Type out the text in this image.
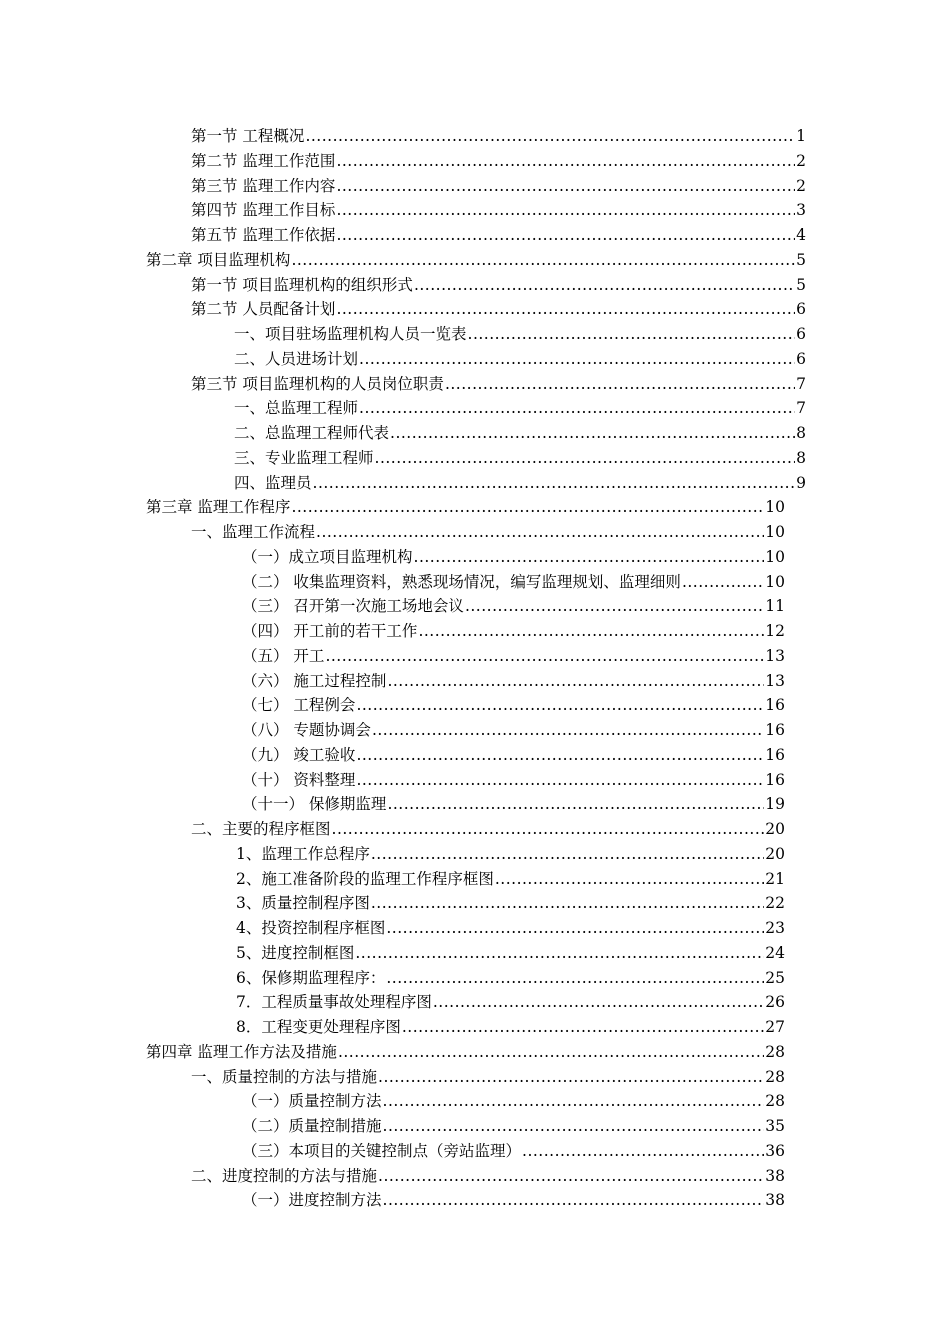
第一节 工程概况 .....	1
第二节 监理工作范围 .....	2
第三节 监理工作内容 .....	2
第四节 监理工作目标 .....	3
第五节 监理工作依据 .....	4
第二章 项目监理机构 .....	5
第一节 项目监理机构的组织形式 .....	5
第二节 人员配备计划 .....	6
一、项目驻场监理机构人员一览表 .....	6
二、人员进场计划 .....	6
第三节 项目监理机构的人员岗位职责 .....	7
一、总监理工程师 .....	7
二、总监理工程师代表 .....	8
三、专业监理工程师 .....	8
四、监理员 .....	9
第三章 监理工作程序 .....	10
一、监理工作流程 .....	10
（一）成立项目监理机构 .....	10
（二） 收集监理资料，熟悉现场情况，编写监理规划、监理细则 .....	10
（三） 召开第一次施工场地会议 .....	11
（四） 开工前的若干工作 .....	12
（五） 开工 .....	13
（六） 施工过程控制 .....	13
（七） 工程例会 .....	16
（八） 专题协调会 .....	16
（九） 竣工验收 .....	16
（十） 资料整理 .....	16
（十一） 保修期监理 .....	19
二、主要的程序框图 .....	20
1、监理工作总程序 .....	20
2、施工准备阶段的监理工作程序框图 .....	21
3、质量控制程序图 .....	22
4、投资控制程序框图 .....	23
5、进度控制框图 .....	24
6、保修期监理程序： .....	25
7．工程质量事故处理程序图 .....	26
8．工程变更处理程序图 .....	27
第四章 监理工作方法及措施 .....	28
一、质量控制的方法与措施 .....	28
（一）质量控制方法 .....	28
（二）质量控制措施 .....	35
（三）本项目的关键控制点（旁站监理） .....	36
二、进度控制的方法与措施 .....	38
（一）进度控制方法 .....	38
